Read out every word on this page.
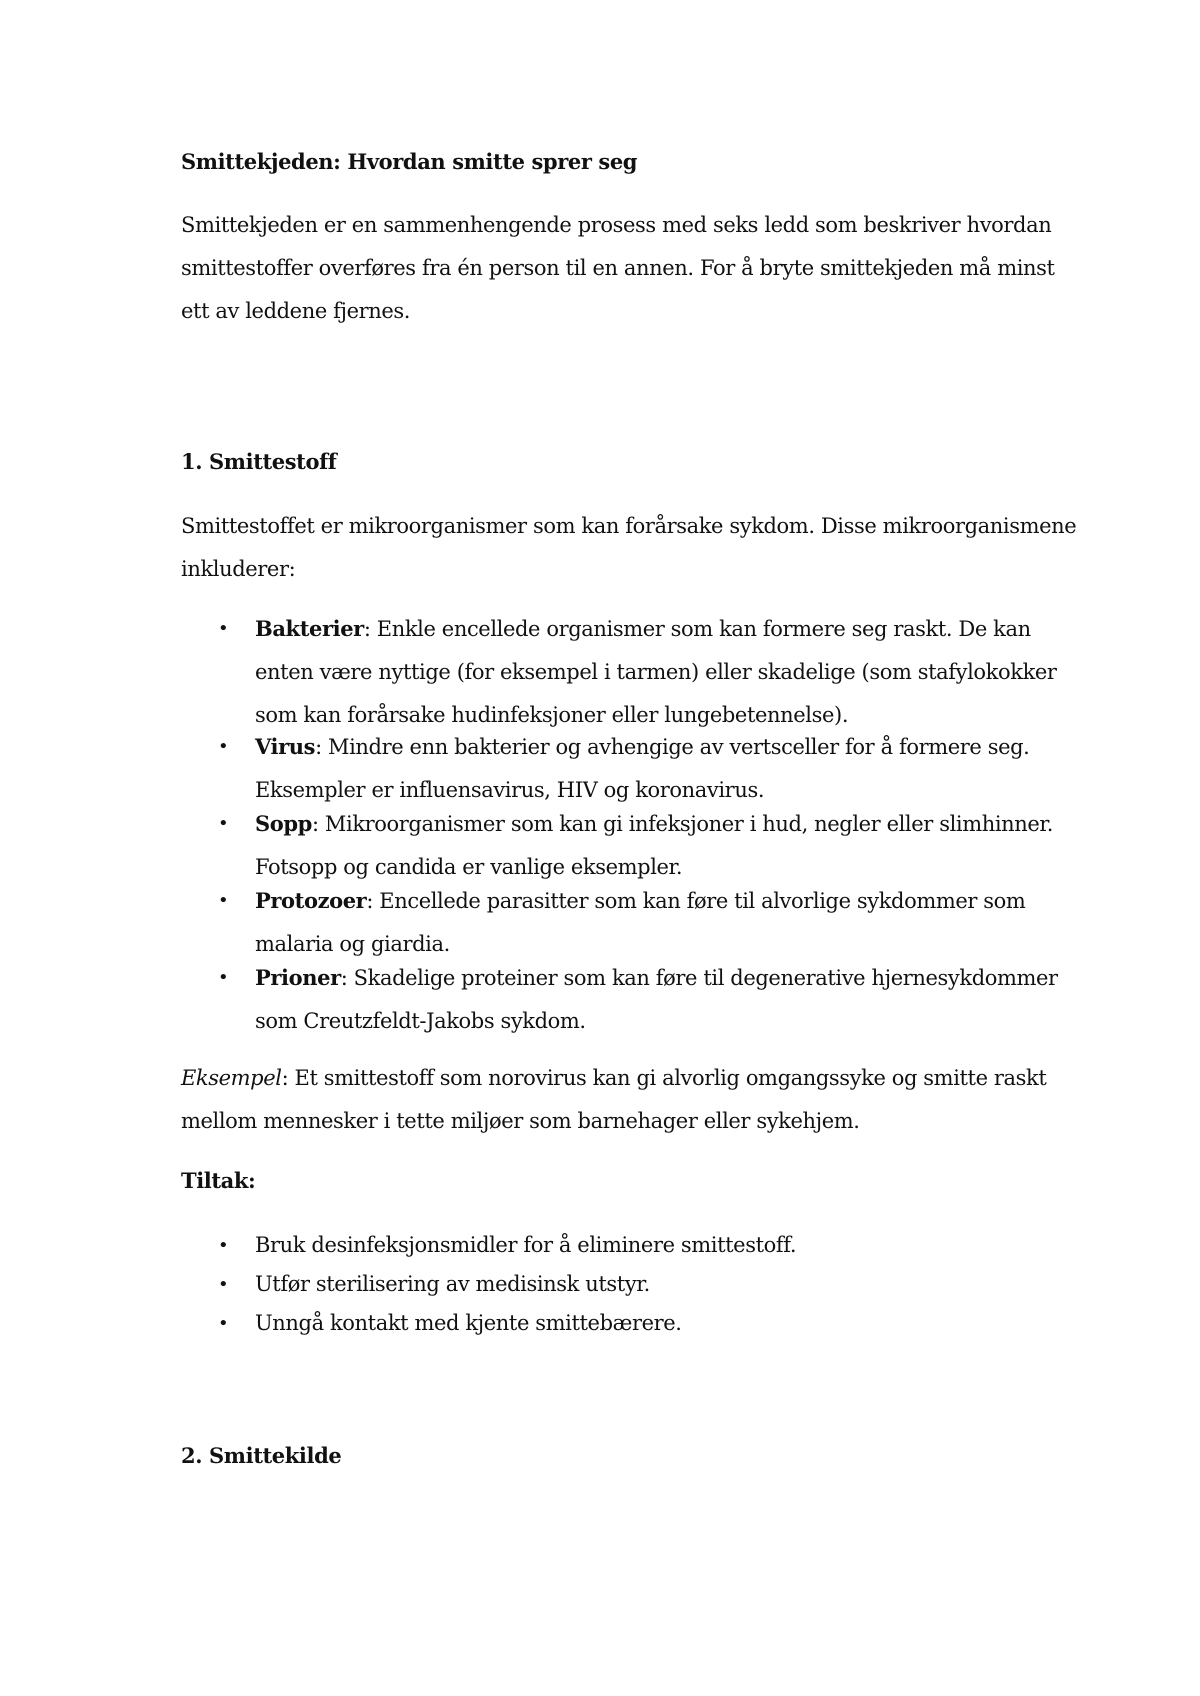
Smittekjeden: Hvordan smitte sprer seg

Smittekjeden er en sammenhengende prosess med seks ledd som beskriver hvordan smittestoffer overføres fra én person til en annen. For å bryte smittekjeden må minst ett av leddene fjernes.

1. Smittestoff

Smittestoffet er mikroorganismer som kan forårsake sykdom. Disse mikroorganismene inkluderer:

• Bakterier: Enkle encellede organismer som kan formere seg raskt. De kan enten være nyttige (for eksempel i tarmen) eller skadelige (som stafylokokker som kan forårsake hudinfeksjoner eller lungebetennelse).
• Virus: Mindre enn bakterier og avhengige av vertsceller for å formere seg. Eksempler er influensavirus, HIV og koronavirus.
• Sopp: Mikroorganismer som kan gi infeksjoner i hud, negler eller slimhinner. Fotsopp og candida er vanlige eksempler.
• Protozoer: Encellede parasitter som kan føre til alvorlige sykdommer som malaria og giardia.
• Prioner: Skadelige proteiner som kan føre til degenerative hjernesykdommer som Creutzfeldt-Jakobs sykdom.

Eksempel: Et smittestoff som norovirus kan gi alvorlig omgangssyke og smitte raskt mellom mennesker i tette miljøer som barnehager eller sykehjem.

Tiltak:

• Bruk desinfeksjonsmidler for å eliminere smittestoff.
• Utfør sterilisering av medisinsk utstyr.
• Unngå kontakt med kjente smittebærere.

2. Smittekilde
